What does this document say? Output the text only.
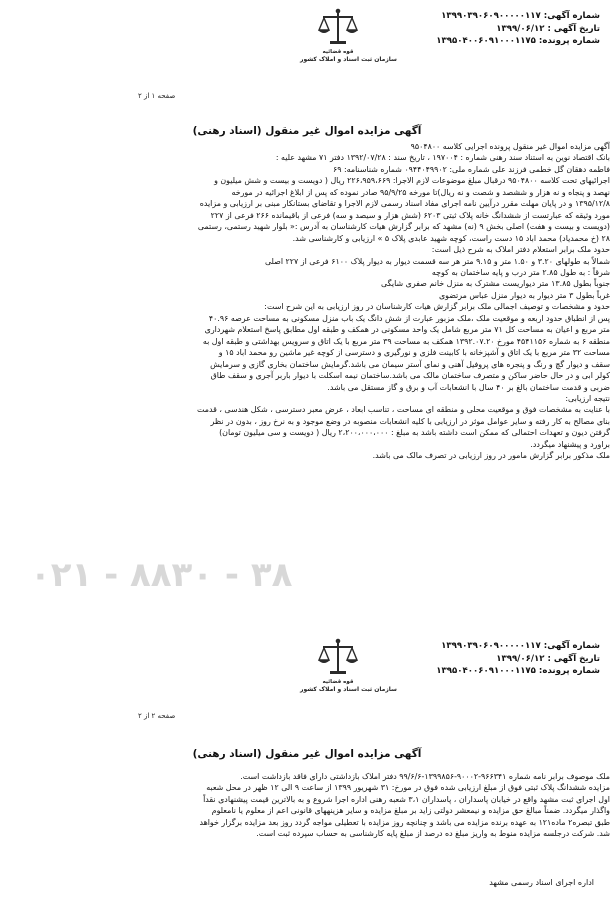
شماره آگهی: ۱۳۹۹۰۳۹۰۶۰۹۰۰۰۰۰۱۱۷
تاریخ آگهی : ۱۳۹۹/۰۶/۱۲
شماره پرونده: ۱۳۹۵۰۴۰۰۶۰۹۱۰۰۰۱۱۷۵
قوه قضائیه
سازمان ثبت اسناد و املاک کشور
صفحه ۱ از ۲
آگهی مزایده اموال غیر منقول (اسناد رهنی)
آگهی مزایده اموال غیر منقول پرونده اجرایی کلاسه ۹۵۰۴۸۰۰
بانک اقتصاد نوین به استناد سند رهنی شماره : ۱۹۷۰۰۴ ، تاریخ سند : ۱۳۹۲/۰۷/۲۸ دفتر ۷۱ مشهد علیه :
فاطمه دهقان گل خطمی فرزند علی شماره ملی: ۰۹۴۴۰۴۹۹۰۲ شماره شناسنامه: ۶۹
اجرائیهای تحت کلاسه ۹۵۰۴۸۰۰ درقبال مبلغ موضوعات لازم الاجرا: ۲۲۶،۹۵۹،۶۶۹ ریال ( دویست و بیست و شش میلیون و
نهصد و پنجاه و نه هزار و ششصد و شصت و نه ریال)تا مورخه ۹۵/۹/۲۵ صادر نموده که پس از ابلاغ اجرائیه در مورخه
۱۳۹۵/۱۲/۸ و در پایان مهلت مقرر درآیین نامه اجرای مفاد اسناد رسمی لازم الاجرا و تقاضای بستانکار مبنی بر ارزیابی و مزایده
مورد وثیقه که عبارتست از ششدانگ خانه پلاک ثبتی ۶۲۰۳ (شش هزار و سیصد و سه) فرعی از باقیمانده ۲۶۶ فرعی از ۲۲۷
(دویست و بیست و هفت) اصلی بخش ۹ (نه) مشهد که برابر گزارش هیات کارشناسان به آدرس :« بلوار شهید رستمی، رستمی
۲۸ (خ محمدیاد) محمد اباد ۱۵ دست راست، کوچه شهید عابدی پلاک ۵ » ارزیابی و کارشناسی شد.
حدود ملک برابر استعلام دفتر املاک به شرح ذیل است:
شمالاً به طولهای ۳.۲۰ و ۱.۵۰ متر و ۹.۱۵ متر هر سه قسمت دیوار به دیوار پلاک ۶۱۰۰ فرعی از ۲۲۷ اصلی
شرقاً : به طول ۲.۸۵ متر درب و پایه ساختمان به کوچه
جنوباً بطول ۱۳.۸۵ متر دیواریست مشترک به منزل خانم صفری شایگی
غرباً بطول ۳ متر دیوار به دیوار منزل عباس مرتضوی
حدود و مشخصات و توصیف اجمالی ملک برابر گزارش هیات کارشناسان در روز ارزیابی به این شرح است:
پس از انطباق حدود اربعه و موقعیت ملک ،ملک مزبور عبارت از شش دانگ یک باب منزل مسکونی به مساحت عرصه ۴۰.۹۶
متر مربع و اعیان به مساحت کل ۷۱ متر مربع شامل یک واحد مسکونی در همکف و طبقه اول مطابق پاسخ استعلام شهرداری
منطقه ۶ به شماره ۴۵۴۱۱۵۶ مورخ ۱۳۹۲.۰۷.۲۰ همکف به مساحت ۳۹ متر مربع با یک اتاق و سرویس بهداشتی و طبقه اول به
مساحت ۳۲ متر مربع با یک اتاق و آشپزخانه با کابینت فلزی و نورگیری و دسترسی از کوچه غیر ماشین رو محمد اباد ۱۵ و
سقف و دیوار گچ و رنگ و پنجره های پروفیل آهنی و نمای آستر سیمان می باشد.گرمایش ساختمان بخاری گازی و سرمایش
کولر ابی و در حال حاضر ساکن و متصرف ساختمان مالک می باشد.ساختمان نیمه اسکلت با دیوار باربر آجری و سقف طاق
ضربی و قدمت ساختمان بالغ بر ۴۰ سال با انشعابات آب و برق و گاز مستقل می باشد.
نتیجه ارزیابی:
با عنایت به مشخصات فوق و موقعیت محلی و منطقه ای مساحت ، تناسب ابعاد ، عرض معبر دسترسی ، شکل هندسی ، قدمت
بنای مصالح به کار رفته و سایر عوامل موثر در ارزیابی با کلیه انشعابات منصوبه در وضع موجود و به نرخ روز ، بدون در نظر
گرفتن دیون و تعهدات احتمالی که ممکن است داشته باشد به مبلغ : ۲،۲۰۰،۰۰۰،۰۰۰ ریال ( دویست و سی میلیون تومان)
براورد و پیشنهاد میگردد.
ملک مذکور برابر گزارش مامور در روز ارزیابی در تصرف مالک می باشد.
۰۲۱ - ۸۸۳۰ - ۳۸
شماره آگهی: ۱۳۹۹۰۳۹۰۶۰۹۰۰۰۰۰۱۱۷
تاریخ آگهی : ۱۳۹۹/۰۶/۱۲
شماره پرونده: ۱۳۹۵۰۴۰۰۶۰۹۱۰۰۰۱۱۷۵
قوه قضائیه
سازمان ثبت اسناد و املاک کشور
صفحه ۲ از ۲
آگهی مزایده اموال غیر منقول (اسناد رهنی)
ملک موصوف برابر نامه شماره ۹۶۶۳۴۱-۹۰۰۰۲-۱۳۹۹۸۵۶-۹۹/۶/۶ دفتر املاک بازداشتی دارای فاقد بازداشت است.
مزایده ششدانگ پلاک ثبتی فوق از مبلغ ارزیابی شده فوق در مورخ: ۳۱ شهریور ۱۳۹۹ از ساعت ۹ الی ۱۲ ظهر در محل شعبه
اول اجرای ثبت مشهد واقع در خیابان پاسداران ، پاسداران ۳،۱ شعبه رهنی اداره اجرا شروع و به بالاترین قیمت پیشنهادی نقداً
واگذار میگردد. ضمناً مبالغ حق مزایده و نیمعشر دولتی زاید بر مبلغ مزایده و سایر هزینههای قانونی اعم از معلوم یا نامعلوم
طبق تبصره۲ ماده۱۲۱ به عهده برنده مزایده می باشد و چنانچه روز مزایده با تعطیلی مواجه گردد روز بعد مزایده برگزار خواهد
شد. شرکت درجلسه مزایده منوط به واریز مبلغ ده درصد از مبلغ پایه کارشناسی به حساب سپرده ثبت است.
اداره اجرای اسناد رسمی مشهد
